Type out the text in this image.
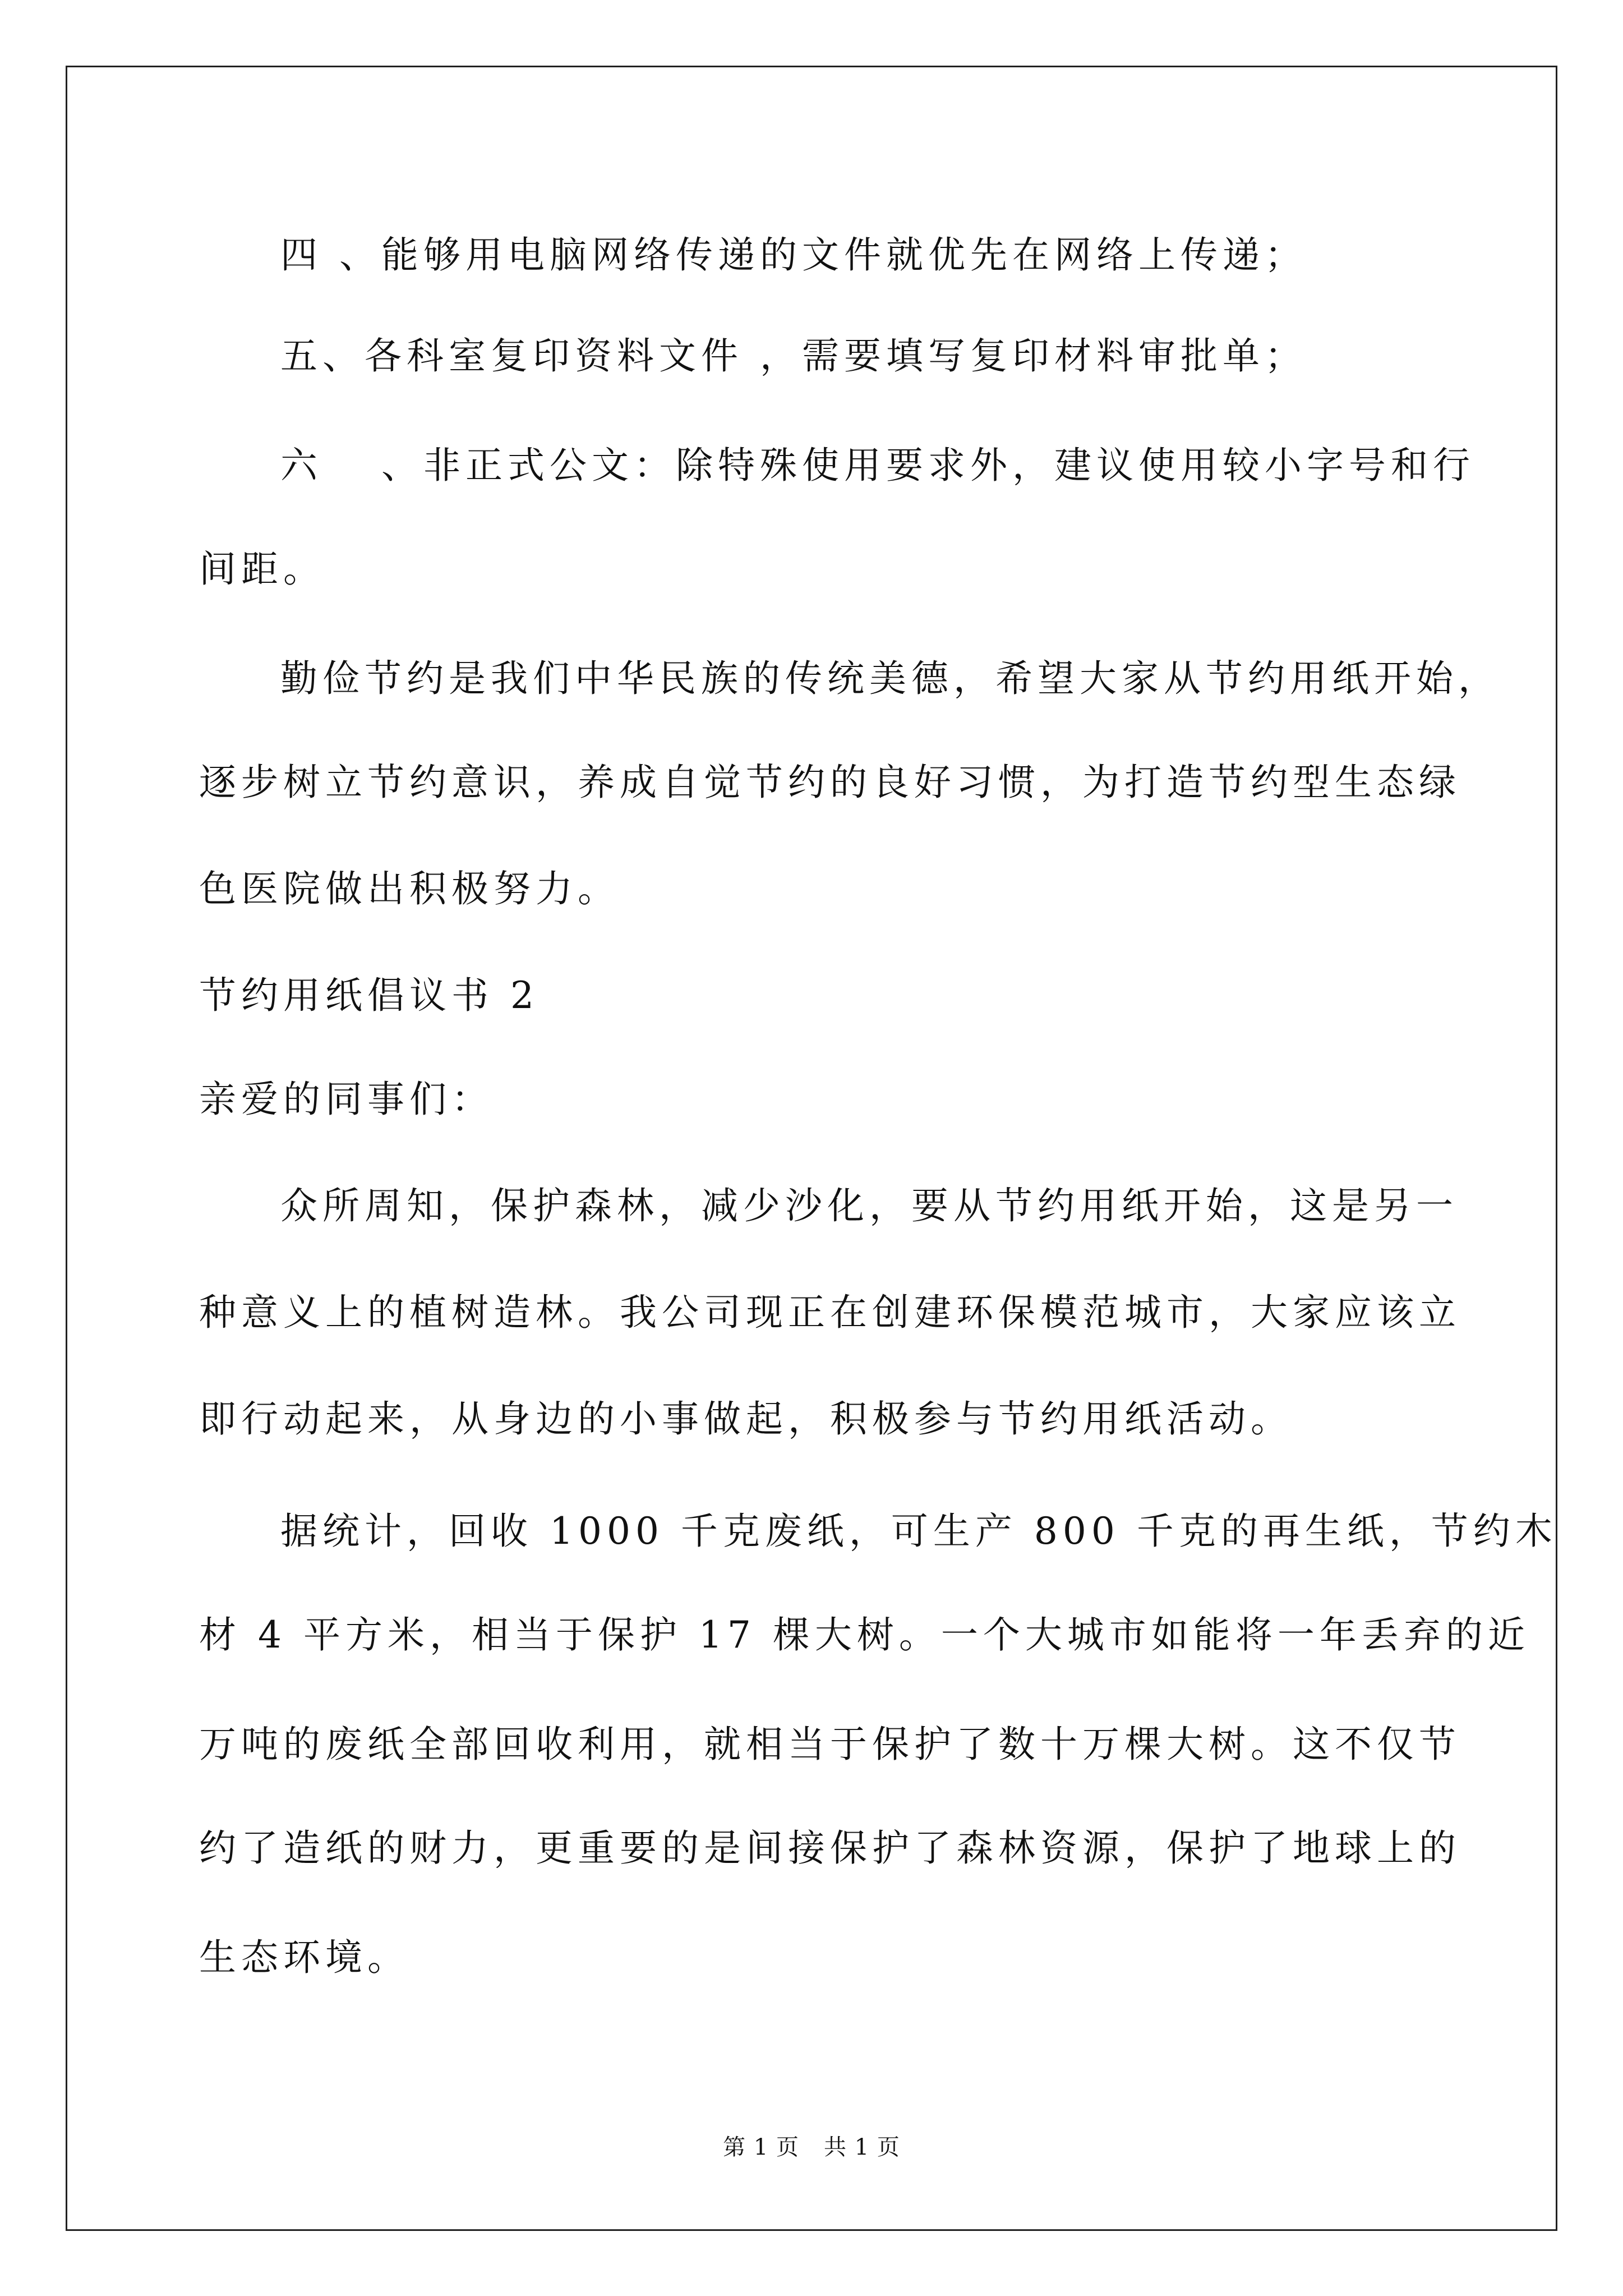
四 、能够用电脑网络传递的文件就优先在网络上传递；
五、各科室复印资料文件 ，需要填写复印材料审批单；
六　 、非正式公文：除特殊使用要求外，建议使用较小字号和行
间距。
勤俭节约是我们中华民族的传统美德，希望大家从节约用纸开始，
逐步树立节约意识，养成自觉节约的良好习惯，为打造节约型生态绿
色医院做出积极努力。
节约用纸倡议书 2
亲爱的同事们：
众所周知，保护森林，减少沙化，要从节约用纸开始，这是另一
种意义上的植树造林。我公司现正在创建环保模范城市，大家应该立
即行动起来，从身边的小事做起，积极参与节约用纸活动。
据统计，回收 1000 千克废纸，可生产 800 千克的再生纸，节约木
材 4 平方米，相当于保护 17 棵大树。一个大城市如能将一年丢弃的近
万吨的废纸全部回收利用，就相当于保护了数十万棵大树。这不仅节
约了造纸的财力，更重要的是间接保护了森林资源，保护了地球上的
生态环境。
第 1 页 共 1 页
